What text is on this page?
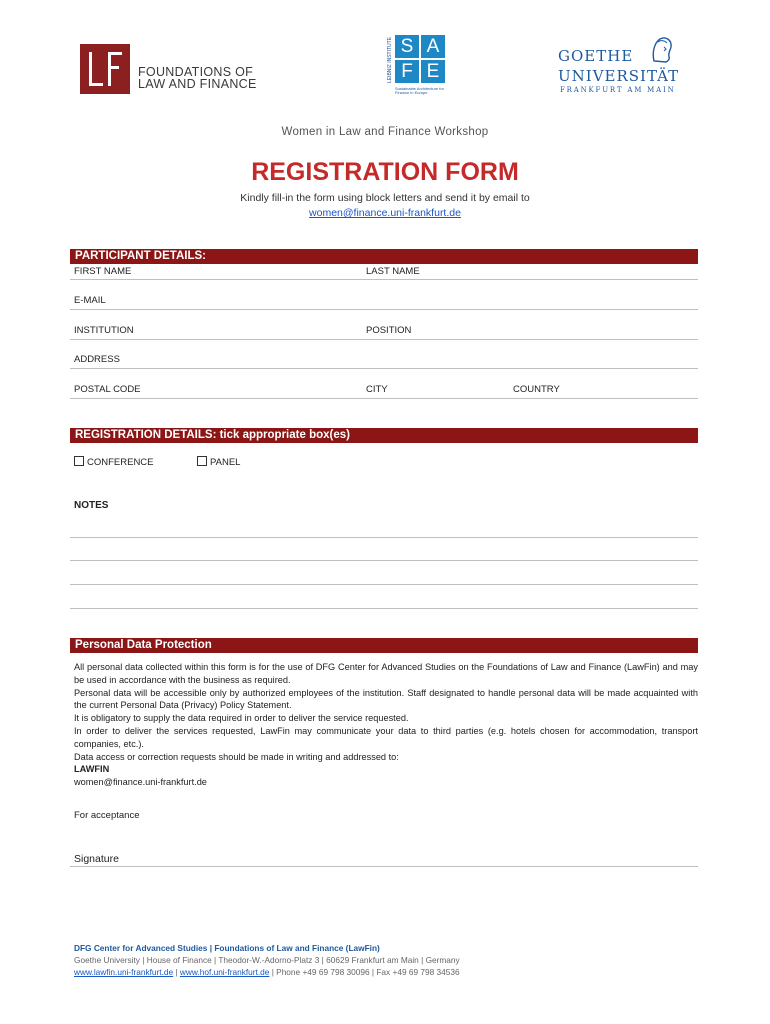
FOUNDATIONS OF
LAW AND FINANCE
LEIBNIZ INSTITUTE S A
F E
Sustainable Architecture for Finance in Europe
GOETHE
UNIVERSITÄT
FRANKFURT AM MAIN
Women in Law and Finance Workshop
REGISTRATION FORM
Kindly fill-in the form using block letters and send it by email to
women@finance.uni-frankfurt.de
PARTICIPANT DETAILS:
FIRST NAME	LAST NAME
E-MAIL
INSTITUTION	POSITION
ADDRESS
POSTAL CODE	CITY	COUNTRY
REGISTRATION DETAILS: tick appropriate box(es)
CONFERENCE	PANEL
NOTES
Personal Data Protection

All personal data collected within this form is for the use of DFG Center for Advanced Studies on the Foundations of Law and Finance (LawFin) and may be used in accordance with the business as required.

Personal data will be accessible only by authorized employees of the institution. Staff designated to handle personal data will be made acquainted with the current Personal Data (Privacy) Policy Statement.

It is obligatory to supply the data required in order to deliver the service requested.

In order to deliver the services requested, LawFin may communicate your data to third parties (e.g. hotels chosen for accommodation, transport companies, etc.).

Data access or correction requests should be made in writing and addressed to:

LAWFIN

women@finance.uni-frankfurt.de

For acceptance
Signature
DFG Center for Advanced Studies | Foundations of Law and Finance (LawFin)
Goethe University | House of Finance | Theodor-W.-Adorno-Platz 3 | 60629 Frankfurt am Main | Germany
www.lawfin.uni-frankfurt.de | www.hof.uni-frankfurt.de | Phone +49 69 798 30096 | Fax +49 69 798 34536
